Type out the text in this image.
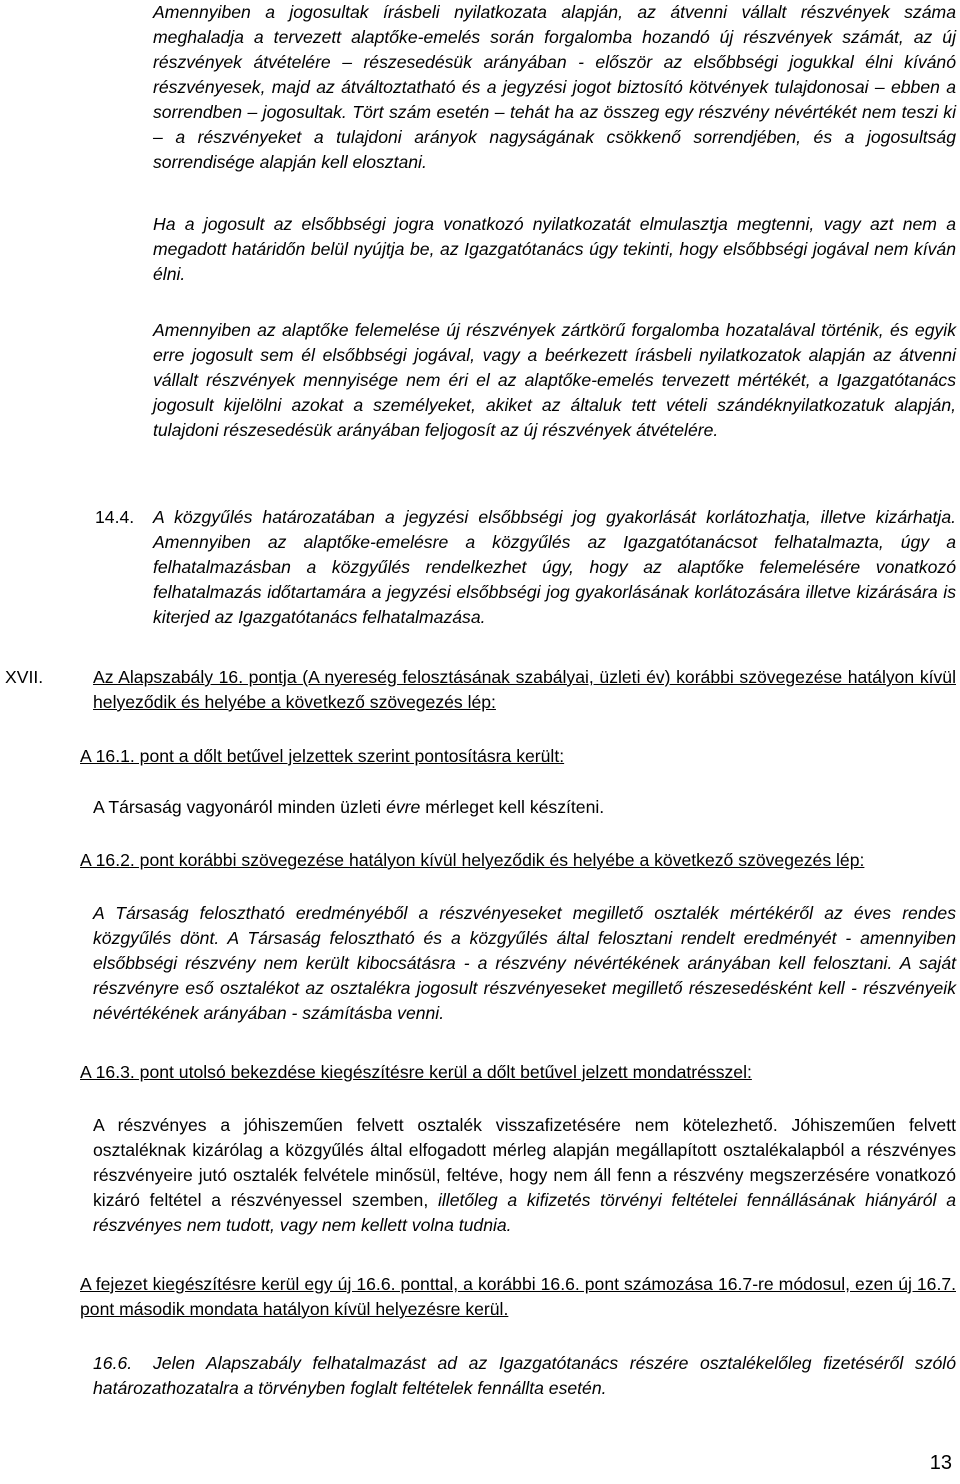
Amennyiben a jogosultak írásbeli nyilatkozata alapján, az átvenni vállalt részvények száma meghaladja a tervezett alaptőke-emelés során forgalomba hozandó új részvények számát, az új részvények átvételére – részesedésük arányában - először az elsőbbségi jogukkal élni kívánó részvényesek, majd az átváltoztatható és a jegyzési jogot biztosító kötvények tulajdonosai – ebben a sorrendben – jogosultak. Tört szám esetén – tehát ha az összeg egy részvény névértékét nem teszi ki – a részvényeket a tulajdoni arányok nagyságának csökkenő sorrendjében, és a jogosultság sorrendisége alapján kell elosztani.

Ha a jogosult az elsőbbségi jogra vonatkozó nyilatkozatát elmulasztja megtenni, vagy azt nem a megadott határidőn belül nyújtja be, az Igazgatótanács úgy tekinti, hogy elsőbbségi jogával nem kíván élni.

Amennyiben az alaptőke felemelése új részvények zártkörű forgalomba hozatalával történik, és egyik erre jogosult sem él elsőbbségi jogával, vagy a beérkezett írásbeli nyilatkozatok alapján az átvenni vállalt részvények mennyisége nem éri el az alaptőke-emelés tervezett mértékét, a Igazgatótanács jogosult kijelölni azokat a személyeket, akiket az általuk tett vételi szándéknyilatkozatuk alapján, tulajdoni részesedésük arányában feljogosít az új részvények átvételére.

14.4. A közgyűlés határozatában a jegyzési elsőbbségi jog gyakorlását korlátozhatja, illetve kizárhatja. Amennyiben az alaptőke-emelésre a közgyűlés az Igazgatótanácsot felhatalmazta, úgy a felhatalmazásban a közgyűlés rendelkezhet úgy, hogy az alaptőke felemelésére vonatkozó felhatalmazás időtartamára a jegyzési elsőbbségi jog gyakorlásának korlátozására illetve kizárására is kiterjed az Igazgatótanács felhatalmazása.

XVII.	Az Alapszabály 16. pontja (A nyereség felosztásának szabályai, üzleti év) korábbi szövegezése hatályon kívül helyeződik és helyébe a következő szövegezés lép:

A 16.1. pont a dőlt betűvel jelzettek szerint pontosításra került:

A Társaság vagyonáról minden üzleti évre mérleget kell készíteni.

A 16.2. pont korábbi szövegezése hatályon kívül helyeződik és helyébe a következő szövegezés lép:

A Társaság felosztható eredményéből a részvényeseket megillető osztalék mértékéről az éves rendes közgyűlés dönt. A Társaság felosztható és a közgyűlés által felosztani rendelt eredményét - amennyiben elsőbbségi részvény nem került kibocsátásra - a részvény névértékének arányában kell felosztani. A saját részvényre eső osztalékot az osztalékra jogosult részvényeseket megillető részesedésként kell - részvényeik névértékének arányában - számításba venni.

A 16.3. pont utolsó bekezdése kiegészítésre kerül a dőlt betűvel jelzett mondatrésszel:

A részvényes a jóhiszeműen felvett osztalék visszafizetésére nem kötelezhető. Jóhiszeműen felvett osztaléknak kizárólag a közgyűlés által elfogadott mérleg alapján megállapított osztalékalapból a részvényes részvényeire jutó osztalék felvétele minősül, feltéve, hogy nem áll fenn a részvény megszerzésére vonatkozó kizáró feltétel a részvényessel szemben, illetőleg a kifizetés törvényi feltételei fennállásának hiányáról a részvényes nem tudott, vagy nem kellett volna tudnia.

A fejezet kiegészítésre kerül egy új 16.6. ponttal, a korábbi 16.6. pont számozása 16.7-re módosul, ezen új 16.7. pont második mondata hatályon kívül helyezésre kerül.

16.6.	Jelen Alapszabály felhatalmazást ad az Igazgatótanács részére osztalékelőleg fizetéséről szóló határozathozatalra a törvényben foglalt feltételek fennállta esetén.

13
